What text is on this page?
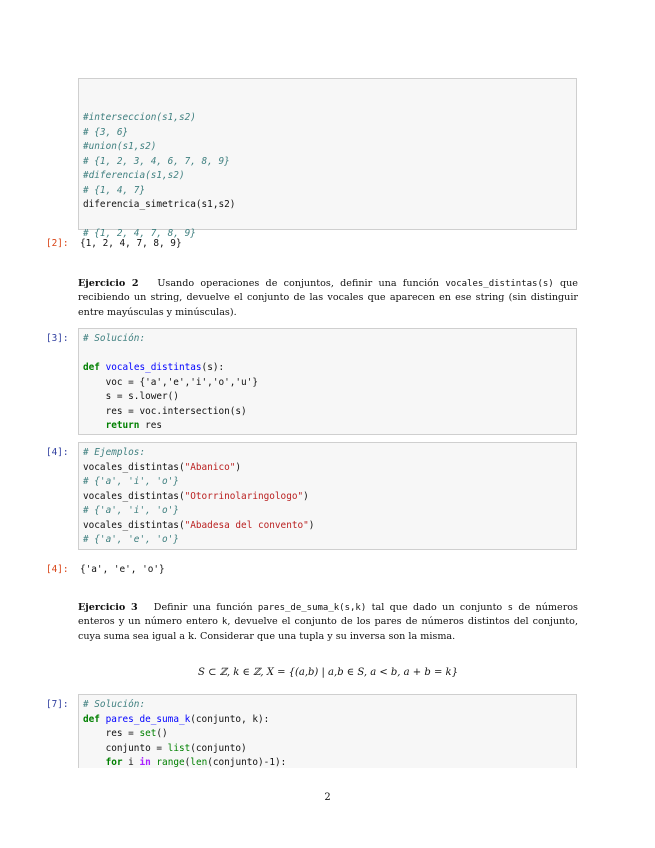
#interseccion(s1,s2)
# {3, 6}
#union(s1,s2)
# {1, 2, 3, 4, 6, 7, 8, 9}
#diferencia(s1,s2)
# {1, 4, 7}
diferencia_simetrica(s1,s2)

# {1, 2, 4, 7, 8, 9}
[2]:	{1, 2, 4, 7, 8, 9}
Ejercicio 2 Usando operaciones de conjuntos, definir una función vocales_distintas(s) que recibiendo un string, devuelve el conjunto de las vocales que aparecen en ese string (sin distinguir entre mayúsculas y minúsculas).
[3]:	# Solución:

def vocales_distintas(s):
voc = {'a','e','i','o','u'}
s = s.lower()
res = voc.intersection(s)
return res
[4]:	# Ejemplos:
vocales_distintas("Abanico")
# {'a', 'i', 'o'}
vocales_distintas("Otorrinolaringologo")
# {'a', 'i', 'o'}
vocales_distintas("Abadesa del convento")
# {'a', 'e', 'o'}
[4]:	{'a', 'e', 'o'}
Ejercicio 3 Definir una función pares_de_suma_k(s,k) tal que dado un conjunto s de números enteros y un número entero k, devuelve el conjunto de los pares de números distintos del conjunto, cuya suma sea igual a k. Considerar que una tupla y su inversa son la misma.
S ⊂ ℤ, k ∈ ℤ, X = {(a,b) | a,b ∈ S, a < b, a + b = k}
[7]:	# Solución:
def pares_de_suma_k(conjunto, k):
res = set()
conjunto = list(conjunto)
for i in range(len(conjunto)-1):
2
